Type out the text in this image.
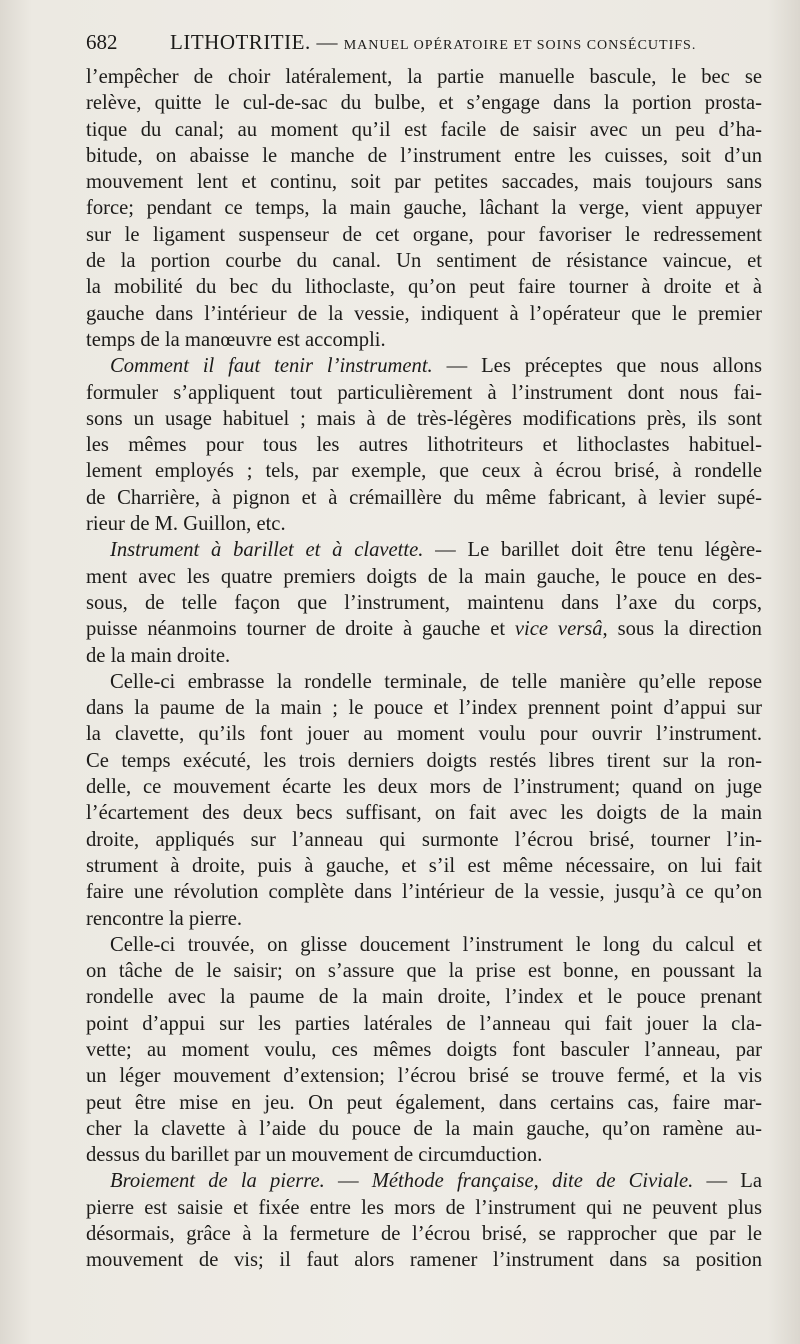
682	LITHOTRITIE. — MANUEL OPÉRATOIRE ET SOINS CONSÉCUTIFS.
l’empêcher de choir latéralement, la partie manuelle bascule, le bec se
relève, quitte le cul-de-sac du bulbe, et s’engage dans la portion prosta-
tique du canal; au moment qu’il est facile de saisir avec un peu d’ha-
bitude, on abaisse le manche de l’instrument entre les cuisses, soit d’un
mouvement lent et continu, soit par petites saccades, mais toujours sans
force; pendant ce temps, la main gauche, lâchant la verge, vient appuyer
sur le ligament suspenseur de cet organe, pour favoriser le redressement
de la portion courbe du canal. Un sentiment de résistance vaincue, et
la mobilité du bec du lithoclaste, qu’on peut faire tourner à droite et à
gauche dans l’intérieur de la vessie, indiquent à l’opérateur que le premier
temps de la manœuvre est accompli.
Comment il faut tenir l’instrument. — Les préceptes que nous allons
formuler s’appliquent tout particulièrement à l’instrument dont nous fai-
sons un usage habituel ; mais à de très-légères modifications près, ils sont
les mêmes pour tous les autres lithotriteurs et lithoclastes habituel-
lement employés ; tels, par exemple, que ceux à écrou brisé, à rondelle
de Charrière, à pignon et à crémaillère du même fabricant, à levier supé-
rieur de M. Guillon, etc.
Instrument à barillet et à clavette. — Le barillet doit être tenu légère-
ment avec les quatre premiers doigts de la main gauche, le pouce en des-
sous, de telle façon que l’instrument, maintenu dans l’axe du corps,
puisse néanmoins tourner de droite à gauche et vice versâ, sous la direction
de la main droite.
Celle-ci embrasse la rondelle terminale, de telle manière qu’elle repose
dans la paume de la main ; le pouce et l’index prennent point d’appui sur
la clavette, qu’ils font jouer au moment voulu pour ouvrir l’instrument.
Ce temps exécuté, les trois derniers doigts restés libres tirent sur la ron-
delle, ce mouvement écarte les deux mors de l’instrument; quand on juge
l’écartement des deux becs suffisant, on fait avec les doigts de la main
droite, appliqués sur l’anneau qui surmonte l’écrou brisé, tourner l’in-
strument à droite, puis à gauche, et s’il est même nécessaire, on lui fait
faire une révolution complète dans l’intérieur de la vessie, jusqu’à ce qu’on
rencontre la pierre.
Celle-ci trouvée, on glisse doucement l’instrument le long du calcul et
on tâche de le saisir; on s’assure que la prise est bonne, en poussant la
rondelle avec la paume de la main droite, l’index et le pouce prenant
point d’appui sur les parties latérales de l’anneau qui fait jouer la cla-
vette; au moment voulu, ces mêmes doigts font basculer l’anneau, par
un léger mouvement d’extension; l’écrou brisé se trouve fermé, et la vis
peut être mise en jeu. On peut également, dans certains cas, faire mar-
cher la clavette à l’aide du pouce de la main gauche, qu’on ramène au-
dessus du barillet par un mouvement de circumduction.
Broiement de la pierre. — Méthode française, dite de Civiale. — La
pierre est saisie et fixée entre les mors de l’instrument qui ne peuvent plus
désormais, grâce à la fermeture de l’écrou brisé, se rapprocher que par le
mouvement de vis; il faut alors ramener l’instrument dans sa position
